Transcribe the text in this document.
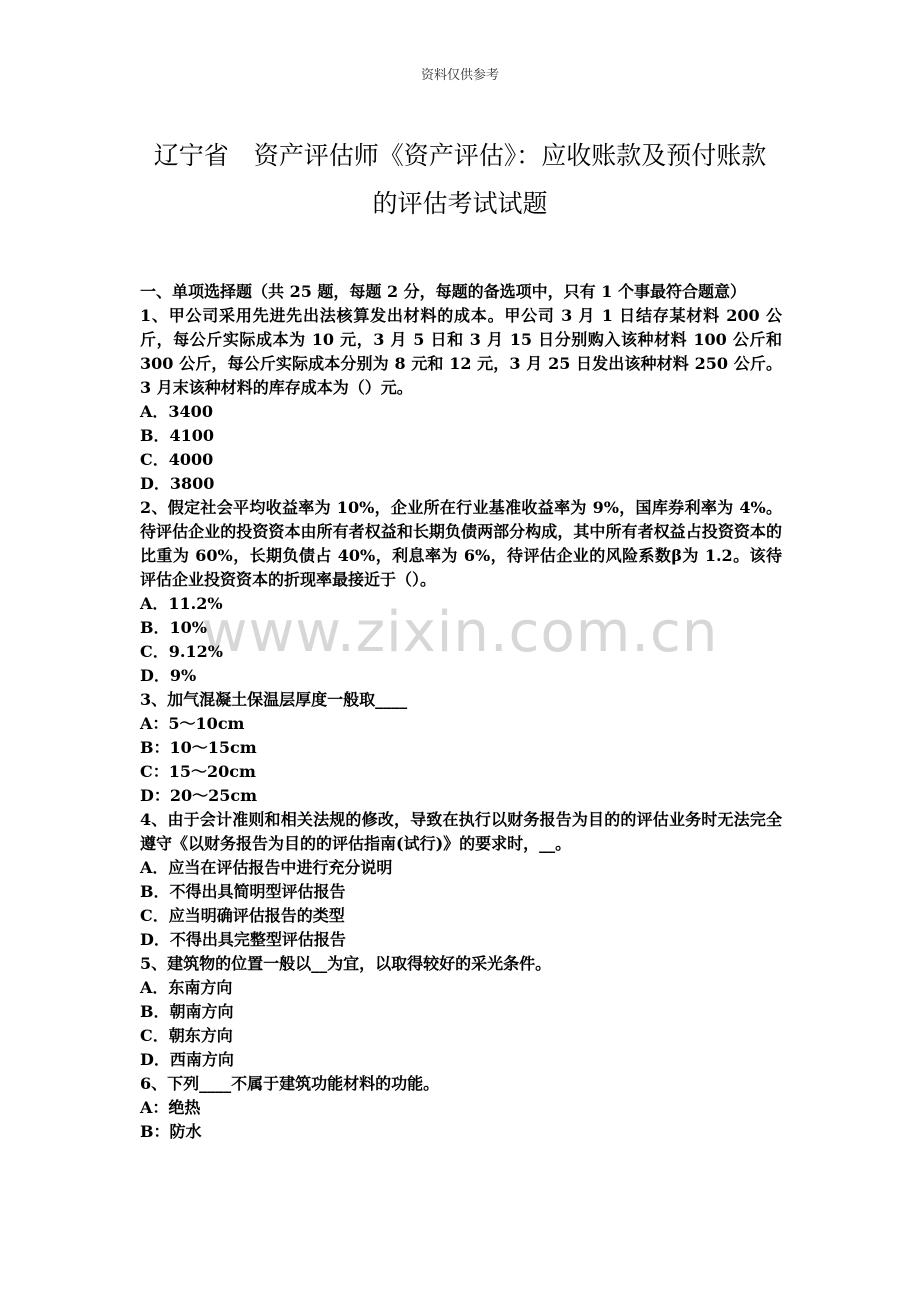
资料仅供参考
辽宁省　资产评估师《资产评估》：应收账款及预付账款
的评估考试试题
www.zixin.com.cn

一、单项选择题（共 25 题，每题 2 分，每题的备选项中，只有 1 个事最符合题意）

1、甲公司采用先进先出法核算发出材料的成本。甲公司 3 月 1 日结存某材料 200 公斤，每公斤实际成本为 10 元，3 月 5 日和 3 月 15 日分别购入该种材料 100 公斤和 300 公斤，每公斤实际成本分别为 8 元和 12 元，3 月 25 日发出该种材料 250 公斤。3 月末该种材料的库存成本为（）元。

A．3400

B．4100

C．4000

D．3800

2、假定社会平均收益率为 10%，企业所在行业基准收益率为 9%，国库券利率为 4%。待评估企业的投资资本由所有者权益和长期负债两部分构成，其中所有者权益占投资资本的比重为 60%，长期负债占 40%，利息率为 6%，待评估企业的风险系数β为 1.2。该待评估企业投资资本的折现率最接近于（）。

A．11.2%

B．10%

C．9.12%

D．9%

3、加气混凝土保温层厚度一般取____

A：5～10cm

B：10～15cm

C：15～20cm

D：20～25cm

4、由于会计准则和相关法规的修改，导致在执行以财务报告为目的的评估业务时无法完全遵守《以财务报告为目的的评估指南(试行)》的要求时，__。

A．应当在评估报告中进行充分说明

B．不得出具简明型评估报告

C．应当明确评估报告的类型

D．不得出具完整型评估报告

5、建筑物的位置一般以__为宜，以取得较好的采光条件。

A．东南方向

B．朝南方向

C．朝东方向

D．西南方向

6、下列____不属于建筑功能材料的功能。

A：绝热

B：防水
